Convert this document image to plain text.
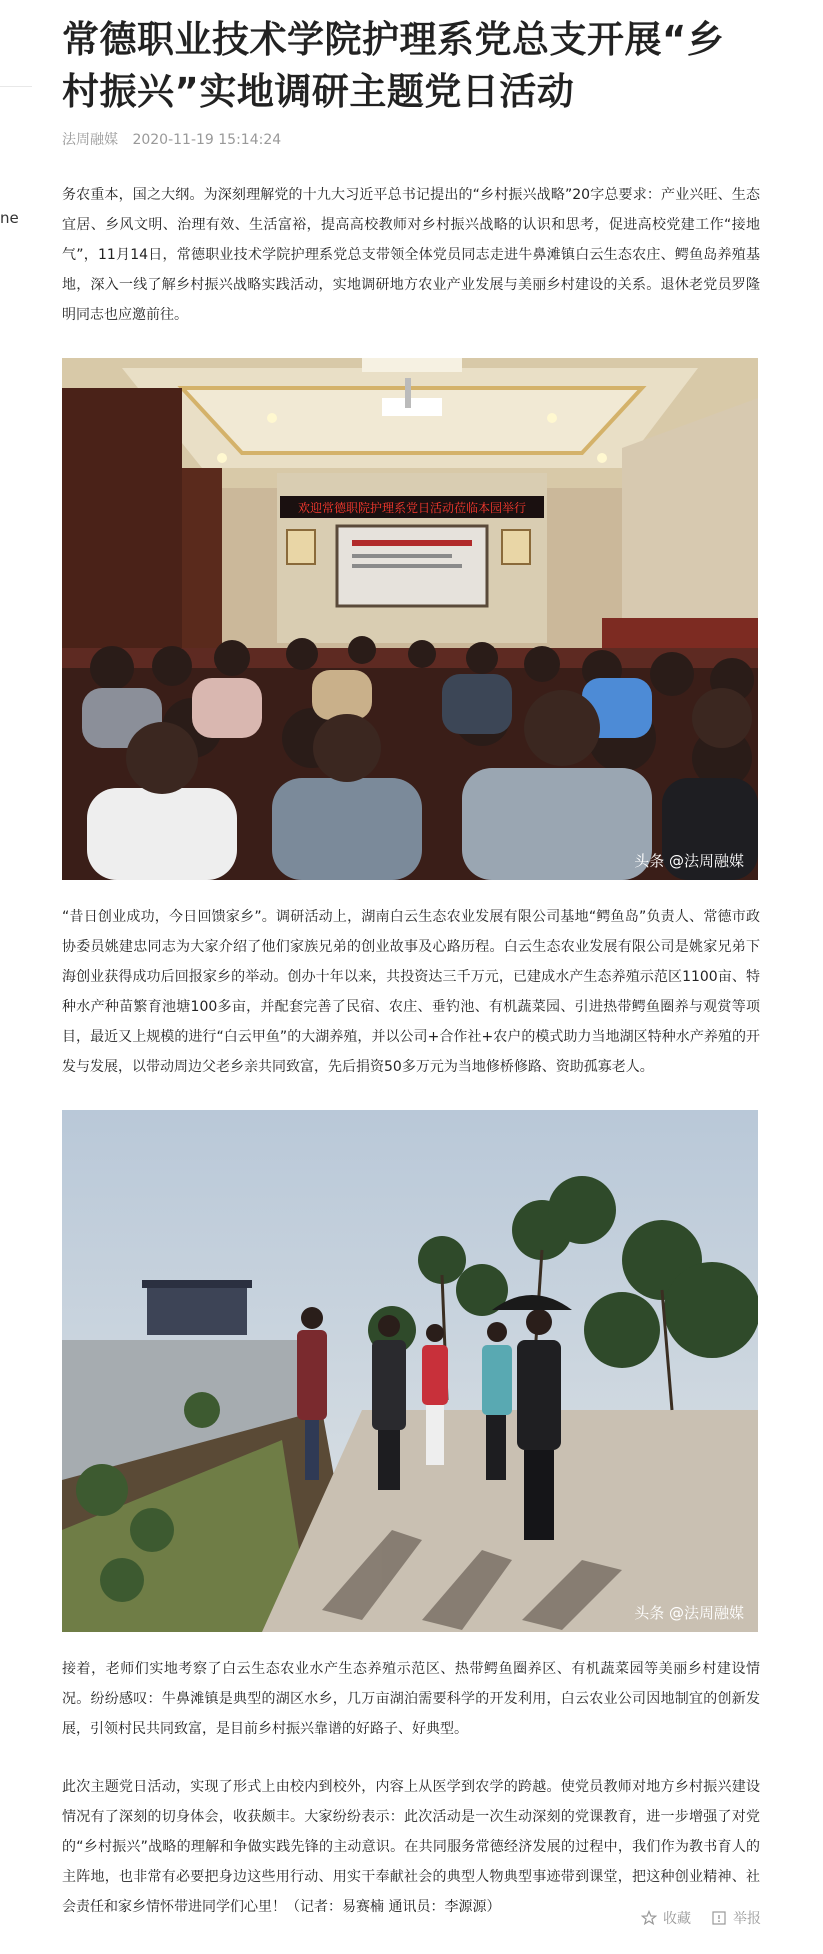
ne
常德职业技术学院护理系党总支开展“乡村振兴”实地调研主题党日活动
法周融媒 2020-11-19 15:14:24

务农重本，国之大纲。为深刻理解党的十九大习近平总书记提出的“乡村振兴战略”20字总要求：产业兴旺、生态宜居、乡风文明、治理有效、生活富裕，提高高校教师对乡村振兴战略的认识和思考，促进高校党建工作“接地气”，11月14日，常德职业技术学院护理系党总支带领全体党员同志走进牛鼻滩镇白云生态农庄、鳄鱼岛养殖基地，深入一线了解乡村振兴战略实践活动，实地调研地方农业产业发展与美丽乡村建设的关系。退休老党员罗隆明同志也应邀前往。

欢迎常德职院护理系党日活动莅临本园举行
头条 @法周融媒

“昔日创业成功，今日回馈家乡”。调研活动上，湖南白云生态农业发展有限公司基地“鳄鱼岛”负责人、常德市政协委员姚建忠同志为大家介绍了他们家族兄弟的创业故事及心路历程。白云生态农业发展有限公司是姚家兄弟下海创业获得成功后回报家乡的举动。创办十年以来，共投资达三千万元，已建成水产生态养殖示范区1100亩、特种水产种苗繁育池塘100多亩，并配套完善了民宿、农庄、垂钓池、有机蔬菜园、引进热带鳄鱼圈养与观赏等项目，最近又上规模的进行“白云甲鱼”的大湖养殖，并以公司+合作社+农户的模式助力当地湖区特种水产养殖的开发与发展，以带动周边父老乡亲共同致富，先后捐资50多万元为当地修桥修路、资助孤寡老人。

头条 @法周融媒

接着，老师们实地考察了白云生态农业水产生态养殖示范区、热带鳄鱼圈养区、有机蔬菜园等美丽乡村建设情况。纷纷感叹：牛鼻滩镇是典型的湖区水乡，几万亩湖泊需要科学的开发利用，白云农业公司因地制宜的创新发展，引领村民共同致富，是目前乡村振兴靠谱的好路子、好典型。

此次主题党日活动，实现了形式上由校内到校外，内容上从医学到农学的跨越。使党员教师对地方乡村振兴建设情况有了深刻的切身体会，收获颇丰。大家纷纷表示：此次活动是一次生动深刻的党课教育，进一步增强了对党的“乡村振兴”战略的理解和争做实践先锋的主动意识。在共同服务常德经济发展的过程中，我们作为教书育人的主阵地，也非常有必要把身边这些用行动、用实干奉献社会的典型人物典型事迹带到课堂，把这种创业精神、社会责任和家乡情怀带进同学们心里！（记者：易赛楠 通讯员：李源源）

收藏	举报
